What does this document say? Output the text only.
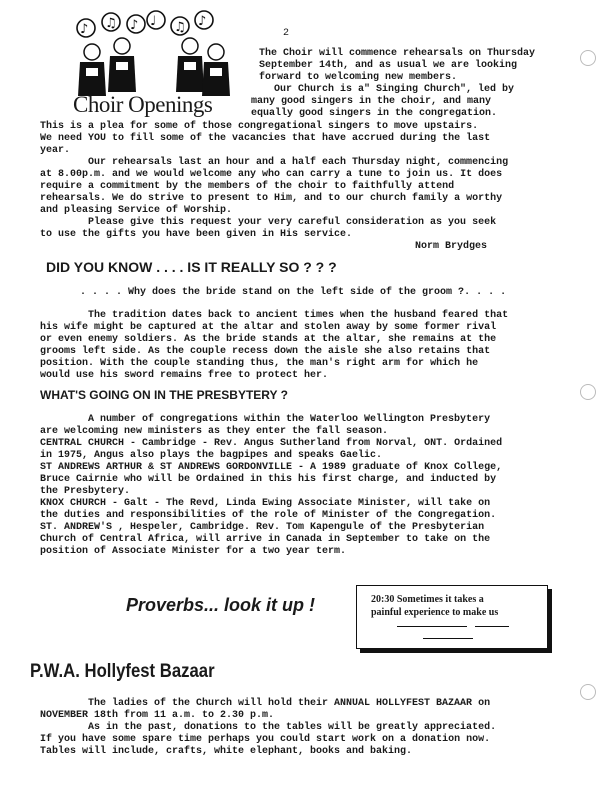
2
♪ ♫ ♪ ♩ ♫ ♪
Choir Openings
The Choir will commence rehearsals on Thursday
September 14th, and as usual we are looking
forward to welcoming new members.
Our Church is a" Singing Church", led by
many good singers in the choir, and many
equally good singers in the congregation.
This is a plea for some of those congregational singers to move upstairs.
We need YOU to fill some of the vacancies that have accrued during the last
year.
Our rehearsals last an hour and a half each Thursday night, commencing
at 8.00p.m. and we would welcome any who can carry a tune to join us. It does
require a commitment by the members of the choir to faithfully attend
rehearsals. We do strive to present to Him, and to our church family a worthy
and pleasing Service of Worship.
Please give this request your very careful consideration as you seek
to use the gifts you have been given in His service.
Norm Brydges
DID YOU KNOW . . . . IS IT REALLY SO ? ? ?
. . . . Why does the bride stand on the left side of the groom ?. . . .
The tradition dates back to ancient times when the husband feared that
his wife might be captured at the altar and stolen away by some former rival
or even enemy soldiers. As the bride stands at the altar, she remains at the
grooms left side. As the couple recess down the aisle she also retains that
position. With the couple standing thus, the man's right arm for which he
would use his sword remains free to protect her.
WHAT'S GOING ON IN THE PRESBYTERY ?
A number of congregations within the Waterloo Wellington Presbytery
are welcoming new ministers as they enter the fall season.
CENTRAL CHURCH - Cambridge - Rev. Angus Sutherland from Norval, ONT. Ordained
in 1975, Angus also plays the bagpipes and speaks Gaelic.
ST ANDREWS ARTHUR & ST ANDREWS GORDONVILLE - A 1989 graduate of Knox College,
Bruce Cairnie who will be Ordained in this his first charge, and inducted by
the Presbytery.
KNOX CHURCH - Galt - The Revd, Linda Ewing Associate Minister, will take on
the duties and responsibilities of the role of Minister of the Congregation.
ST. ANDREW'S , Hespeler, Cambridge. Rev. Tom Kapengule of the Presbyterian
Church of Central Africa, will arrive in Canada in September to take on the
position of Associate Minister for a two year term.
Proverbs... look it up !	20:30 Sometimes it takes a
painful experience to make us
P.W.A. Hollyfest Bazaar
The ladies of the Church will hold their ANNUAL HOLLYFEST BAZAAR on
NOVEMBER 18th from 11 a.m. to 2.30 p.m.
As in the past, donations to the tables will be greatly appreciated.
If you have some spare time perhaps you could start work on a donation now.
Tables will include, crafts, white elephant, books and baking.
